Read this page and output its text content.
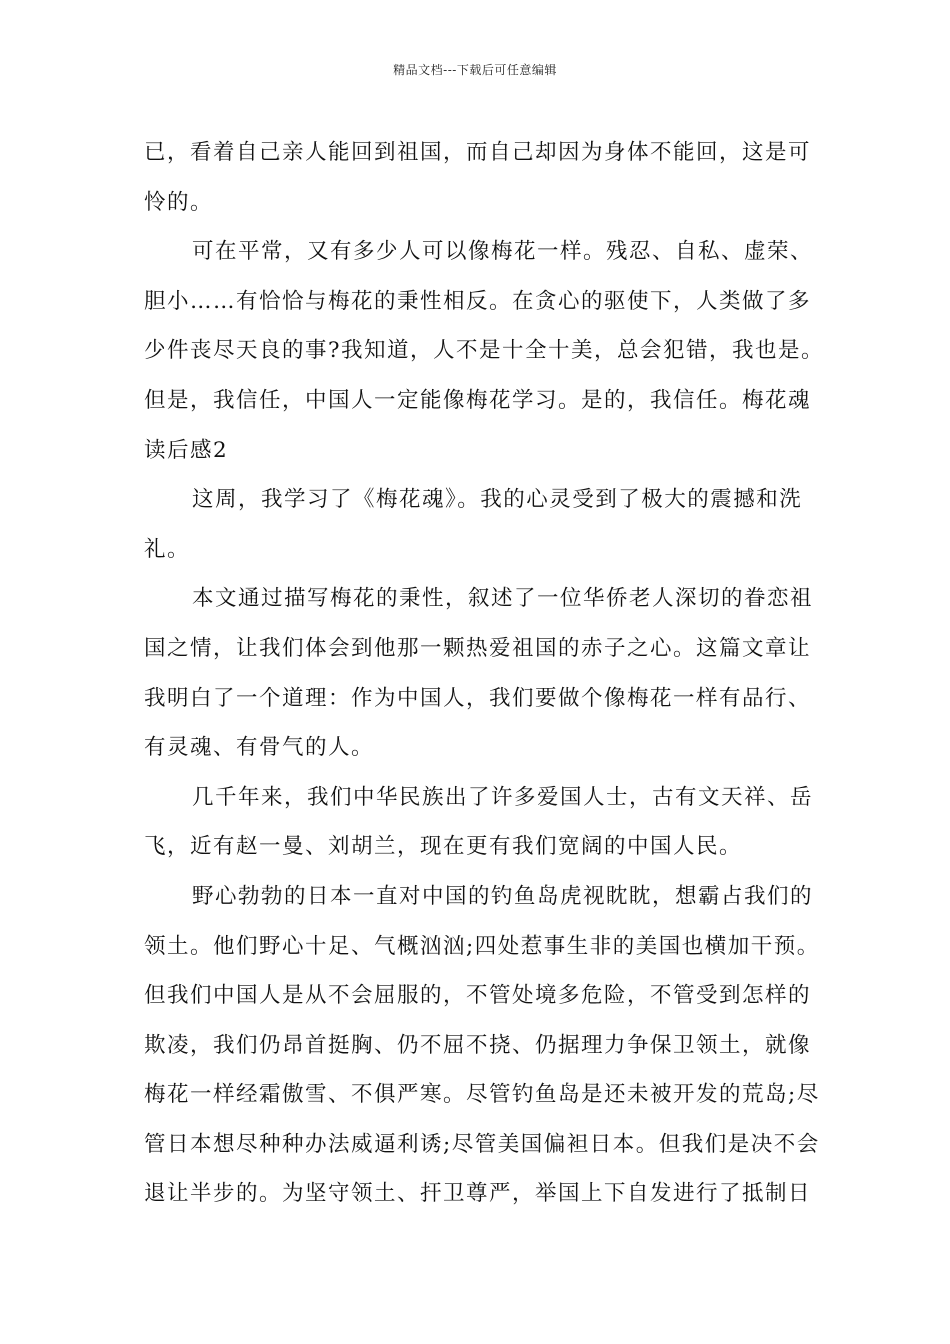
精品文档---下载后可任意编辑
已，看着自己亲人能回到祖国，而自己却因为身体不能回，这是可
怜的。
可在平常，又有多少人可以像梅花一样。残忍、自私、虚荣、
胆小……有恰恰与梅花的秉性相反。在贪心的驱使下，人类做了多
少件丧尽天良的事?我知道，人不是十全十美，总会犯错，我也是。
但是，我信任，中国人一定能像梅花学习。是的，我信任。梅花魂
读后感2
这周，我学习了《梅花魂》。我的心灵受到了极大的震撼和洗
礼。
本文通过描写梅花的秉性，叙述了一位华侨老人深切的眷恋祖
国之情，让我们体会到他那一颗热爱祖国的赤子之心。这篇文章让
我明白了一个道理：作为中国人，我们要做个像梅花一样有品行、
有灵魂、有骨气的人。
几千年来，我们中华民族出了许多爱国人士，古有文天祥、岳
飞，近有赵一曼、刘胡兰，现在更有我们宽阔的中国人民。
野心勃勃的日本一直对中国的钓鱼岛虎视眈眈，想霸占我们的
领土。他们野心十足、气概汹汹;四处惹事生非的美国也横加干预。
但我们中国人是从不会屈服的，不管处境多危险，不管受到怎样的
欺凌，我们仍昂首挺胸、仍不屈不挠、仍据理力争保卫领土，就像
梅花一样经霜傲雪、不俱严寒。尽管钓鱼岛是还未被开发的荒岛;尽
管日本想尽种种办法威逼利诱;尽管美国偏袒日本。但我们是决不会
退让半步的。为坚守领土、扞卫尊严，举国上下自发进行了抵制日
